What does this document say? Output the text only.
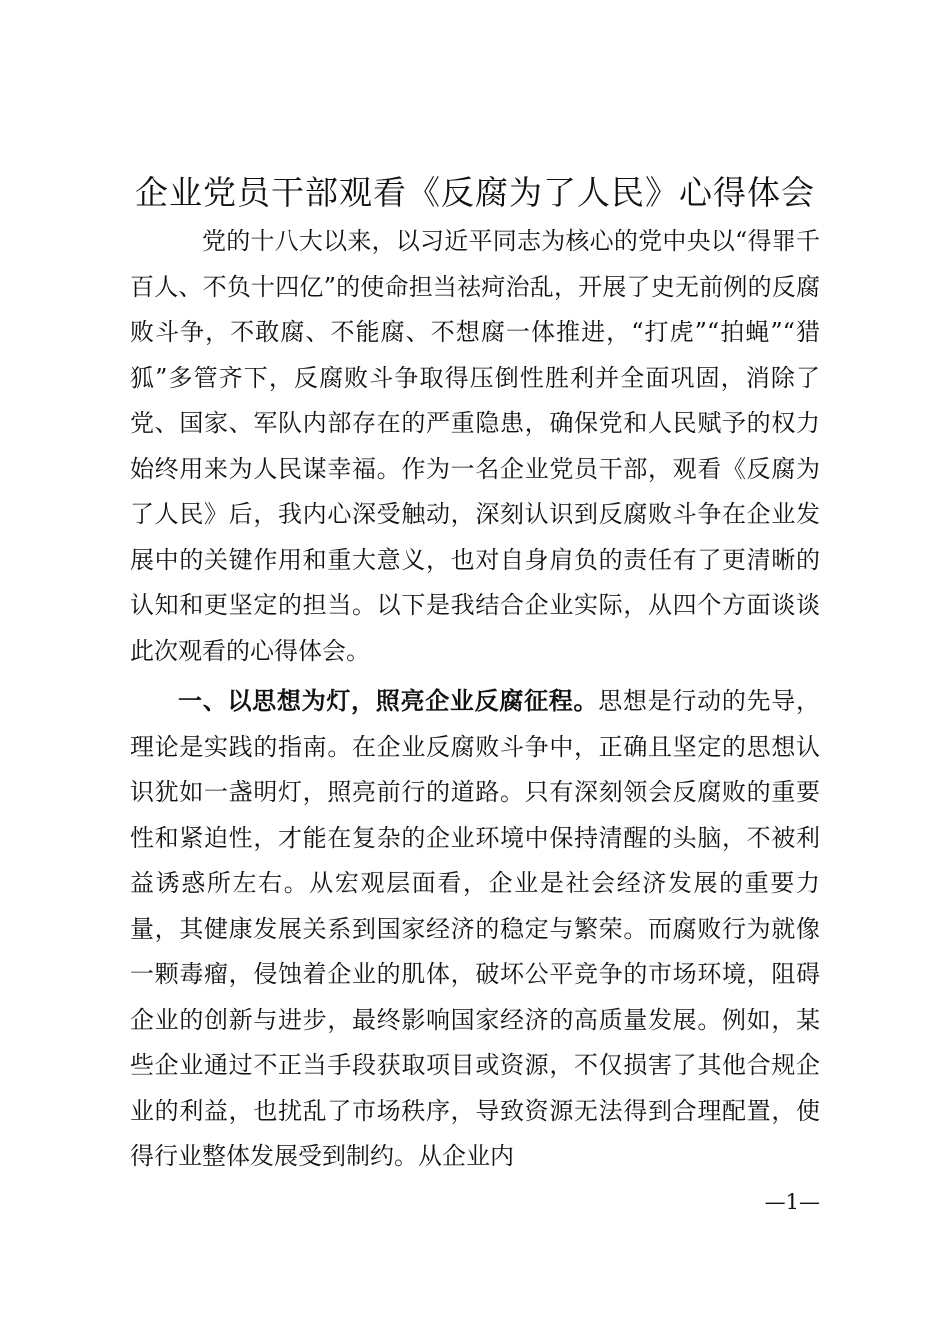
企业党员干部观看《反腐为了人民》心得体会

党的十八大以来，以习近平同志为核心的党中央以“得罪千百人、不负十四亿”的使命担当祛疴治乱，开展了史无前例的反腐败斗争，不敢腐、不能腐、不想腐一体推进，“打虎”“拍蝇”“猎狐”多管齐下，反腐败斗争取得压倒性胜利并全面巩固，消除了党、国家、军队内部存在的严重隐患，确保党和人民赋予的权力始终用来为人民谋幸福。作为一名企业党员干部，观看《反腐为了人民》后，我内心深受触动，深刻认识到反腐败斗争在企业发展中的关键作用和重大意义，也对自身肩负的责任有了更清晰的认知和更坚定的担当。以下是我结合企业实际，从四个方面谈谈此次观看的心得体会。

一、以思想为灯，照亮企业反腐征程。思想是行动的先导，理论是实践的指南。在企业反腐败斗争中，正确且坚定的思想认识犹如一盏明灯，照亮前行的道路。只有深刻领会反腐败的重要性和紧迫性，才能在复杂的企业环境中保持清醒的头脑，不被利益诱惑所左右。从宏观层面看，企业是社会经济发展的重要力量，其健康发展关系到国家经济的稳定与繁荣。而腐败行为就像一颗毒瘤，侵蚀着企业的肌体，破坏公平竞争的市场环境，阻碍企业的创新与进步，最终影响国家经济的高质量发展。例如，某些企业通过不正当手段获取项目或资源，不仅损害了其他合规企业的利益，也扰乱了市场秩序，导致资源无法得到合理配置，使得行业整体发展受到制约。从企业内

—1—
